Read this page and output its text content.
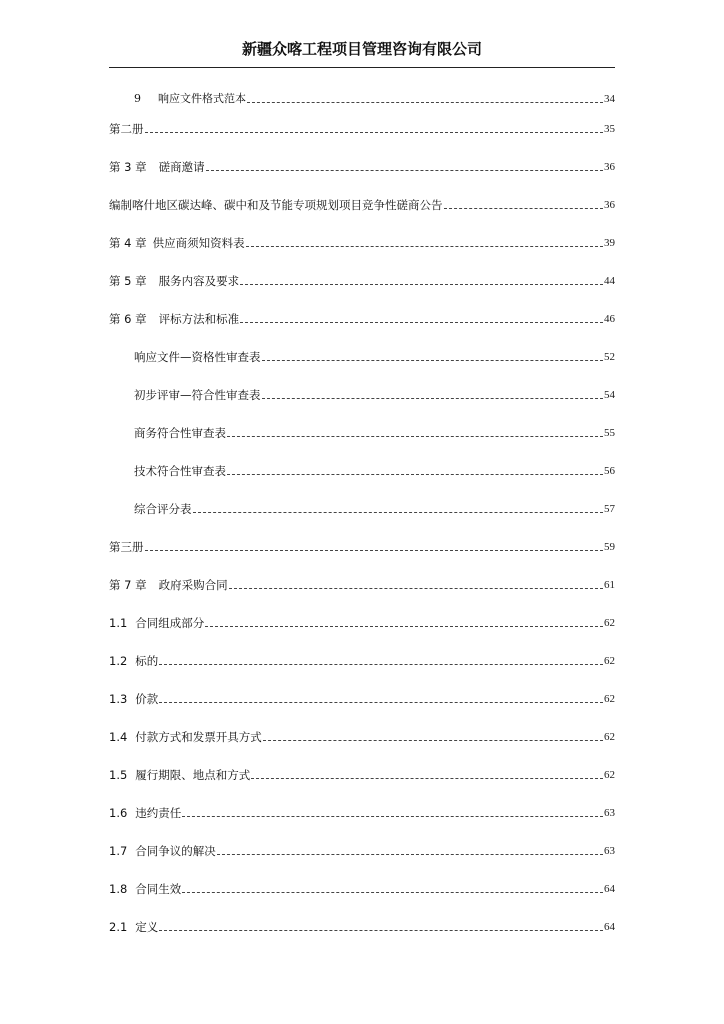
新疆众喀工程项目管理咨询有限公司
9 响应文件格式范本	34
第二册	35
第 3 章 磋商邀请	36
编制喀什地区碳达峰、碳中和及节能专项规划项目竞争性磋商公告	36
第 4 章 供应商须知资料表	39
第 5 章 服务内容及要求	44
第 6 章 评标方法和标准	46
响应文件—资格性审查表	52
初步评审—符合性审查表	54
商务符合性审查表	55
技术符合性审查表	56
综合评分表	57
第三册	59
第 7 章 政府采购合同	61
1.1 合同组成部分	62
1.2 标的	62
1.3 价款	62
1.4 付款方式和发票开具方式	62
1.5 履行期限、地点和方式	62
1.6 违约责任	63
1.7 合同争议的解决	63
1.8 合同生效	64
2.1 定义	64
